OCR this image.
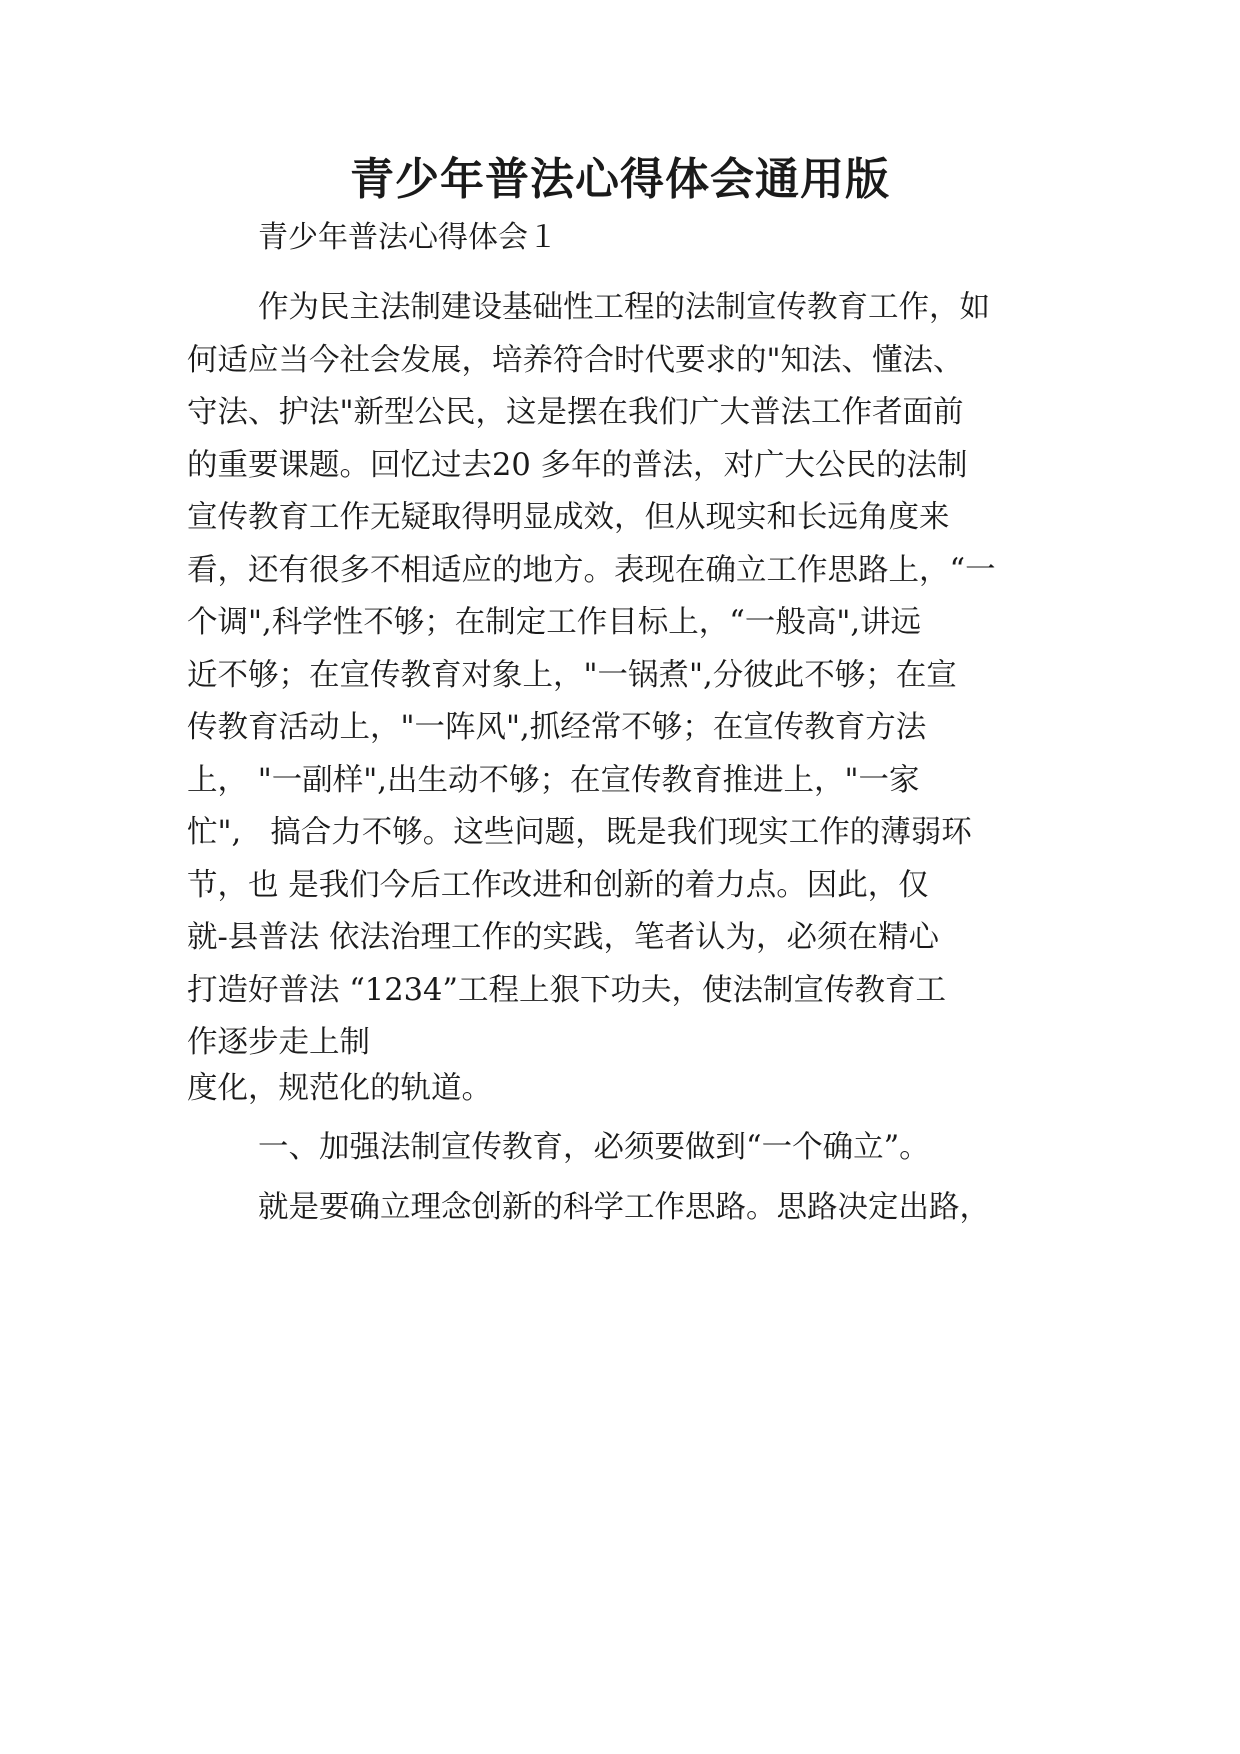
青少年普法心得体会通用版

青少年普法心得体会１

作为民主法制建设基础性工程的法制宣传教育工作，如
何适应当今社会发展，培养符合时代要求的"知法、懂法、
守法、护法"新型公民，这是摆在我们广大普法工作者面前
的重要课题。回忆过去20 多年的普法，对广大公民的法制
宣传教育工作无疑取得明显成效，但从现实和长远角度来
看，还有很多不相适应的地方。表现在确立工作思路上，“一
个调",科学性不够；在制定工作目标上，“一般高",讲远
近不够；在宣传教育对象上，"一锅煮",分彼此不够；在宣
传教育活动上，"一阵风",抓经常不够；在宣传教育方法
上， "一副样",出生动不够；在宣传教育推进上，"一家
忙",   搞合力不够。这些问题，既是我们现实工作的薄弱环
节，也 是我们今后工作改进和创新的着力点。因此，仅
就-县普法 依法治理工作的实践，笔者认为，必须在精心
打造好普法 “1234”工程上狠下功夫，使法制宣传教育工
作逐步走上制

度化，规范化的轨道。

一、加强法制宣传教育，必须要做到“一个确立”。

就是要确立理念创新的科学工作思路。思路决定出路，
